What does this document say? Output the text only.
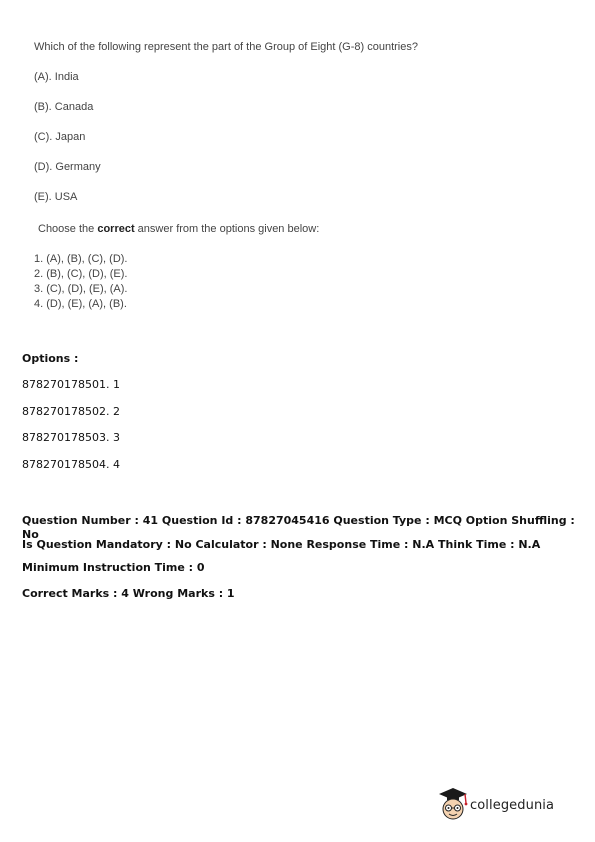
Which of the following represent the part of the Group of Eight (G-8) countries?

(A). India
(B). Canada
(C). Japan
(D). Germany
(E). USA
Choose the correct answer from the options given below:
1. (A), (B), (C), (D).
2. (B), (C), (D), (E).
3. (C), (D), (E), (A).
4. (D), (E), (A), (B).
Options :
878270178501. 1
878270178502. 2
878270178503. 3
878270178504. 4
Question Number : 41 Question Id : 87827045416 Question Type : MCQ Option Shuffling : No
Is Question Mandatory : No Calculator : None Response Time : N.A Think Time : N.A
Minimum Instruction Time : 0
Correct Marks : 4 Wrong Marks : 1
collegedunia
